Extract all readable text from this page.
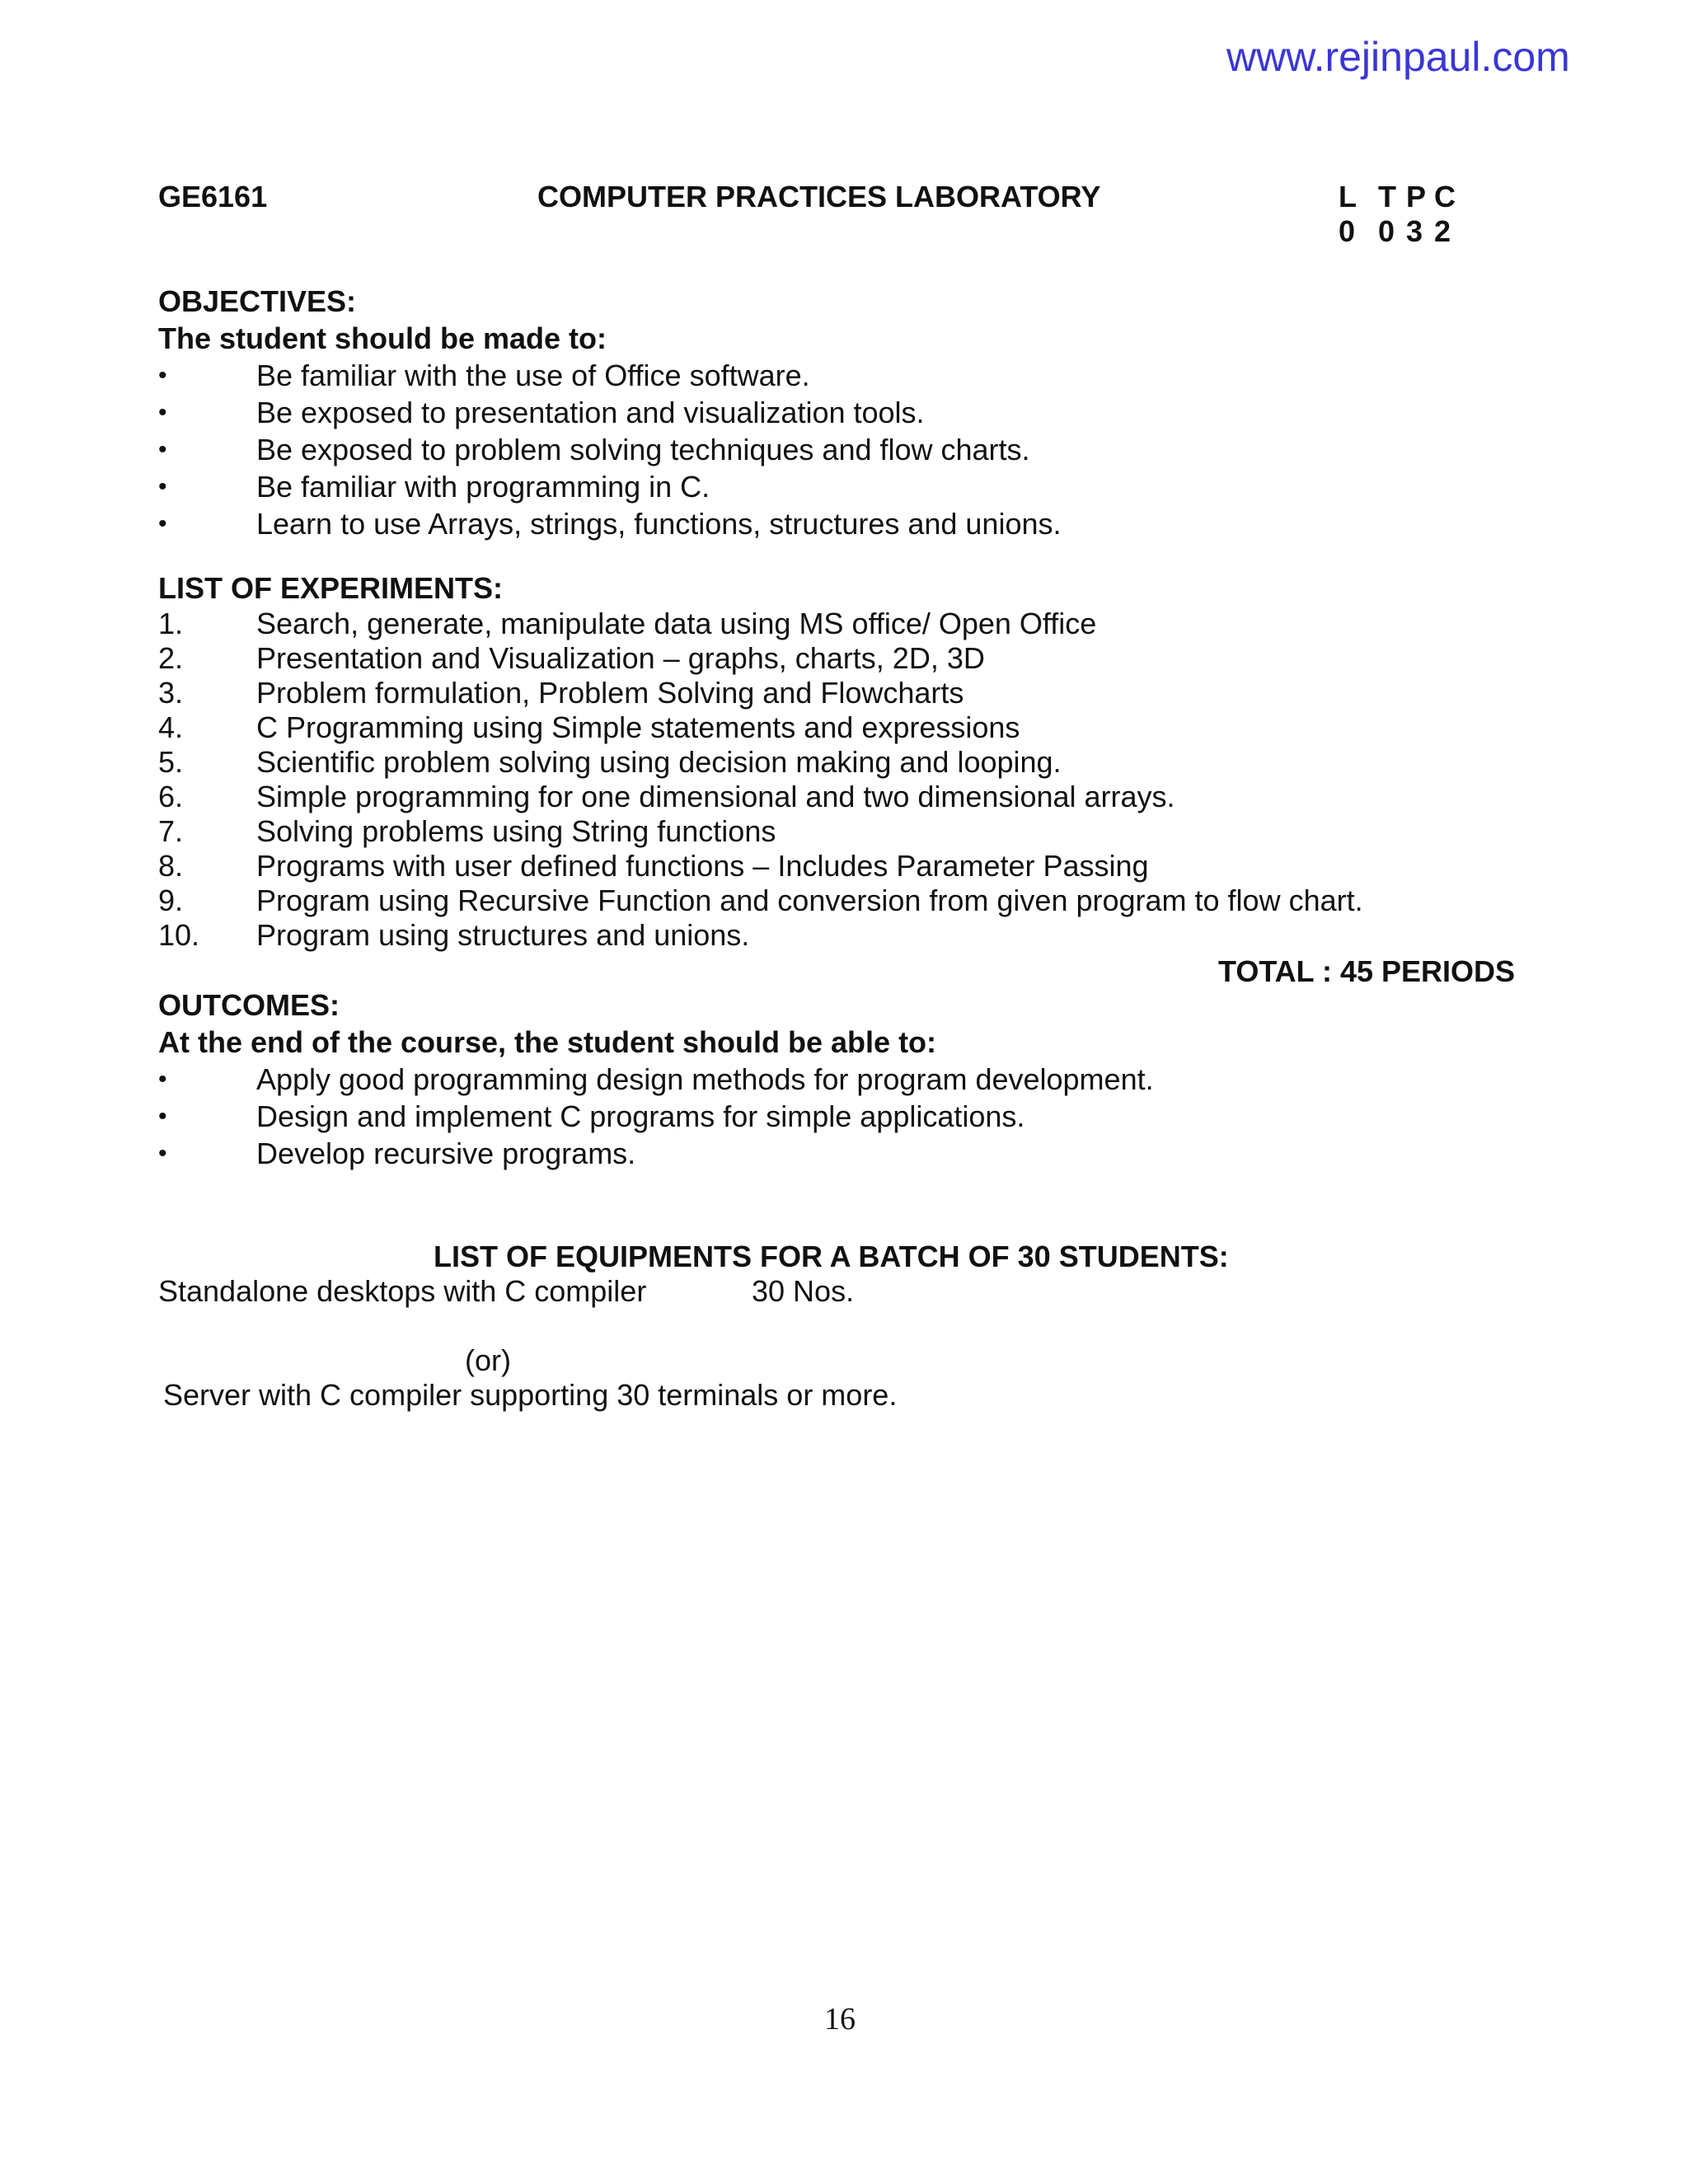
www.rejinpaul.com
GE6161	COMPUTER PRACTICES LABORATORY	L T P C
0 0 3 2
OBJECTIVES:
The student should be made to:
•	Be familiar with the use of Office software.
•	Be exposed to presentation and visualization tools.
•	Be exposed to problem solving techniques and flow charts.
•	Be familiar with programming in C.
•	Learn to use Arrays, strings, functions, structures and unions.
LIST OF EXPERIMENTS:
1.	Search, generate, manipulate data using MS office/ Open Office
2.	Presentation and Visualization – graphs, charts, 2D, 3D
3.	Problem formulation, Problem Solving and Flowcharts
4.	C Programming using Simple statements and expressions
5.	Scientific problem solving using decision making and looping.
6.	Simple programming for one dimensional and two dimensional arrays.
7.	Solving problems using String functions
8.	Programs with user defined functions – Includes Parameter Passing
9.	Program using Recursive Function and conversion from given program to flow chart.
10.	Program using structures and unions.
TOTAL : 45 PERIODS
OUTCOMES:
At the end of the course, the student should be able to:
•	Apply good programming design methods for program development.
•	Design and implement C programs for simple applications.
•	Develop recursive programs.
LIST OF EQUIPMENTS FOR A BATCH OF 30 STUDENTS:
Standalone desktops with C compiler	30 Nos.
(or)
Server with C compiler supporting 30 terminals or more.
16
